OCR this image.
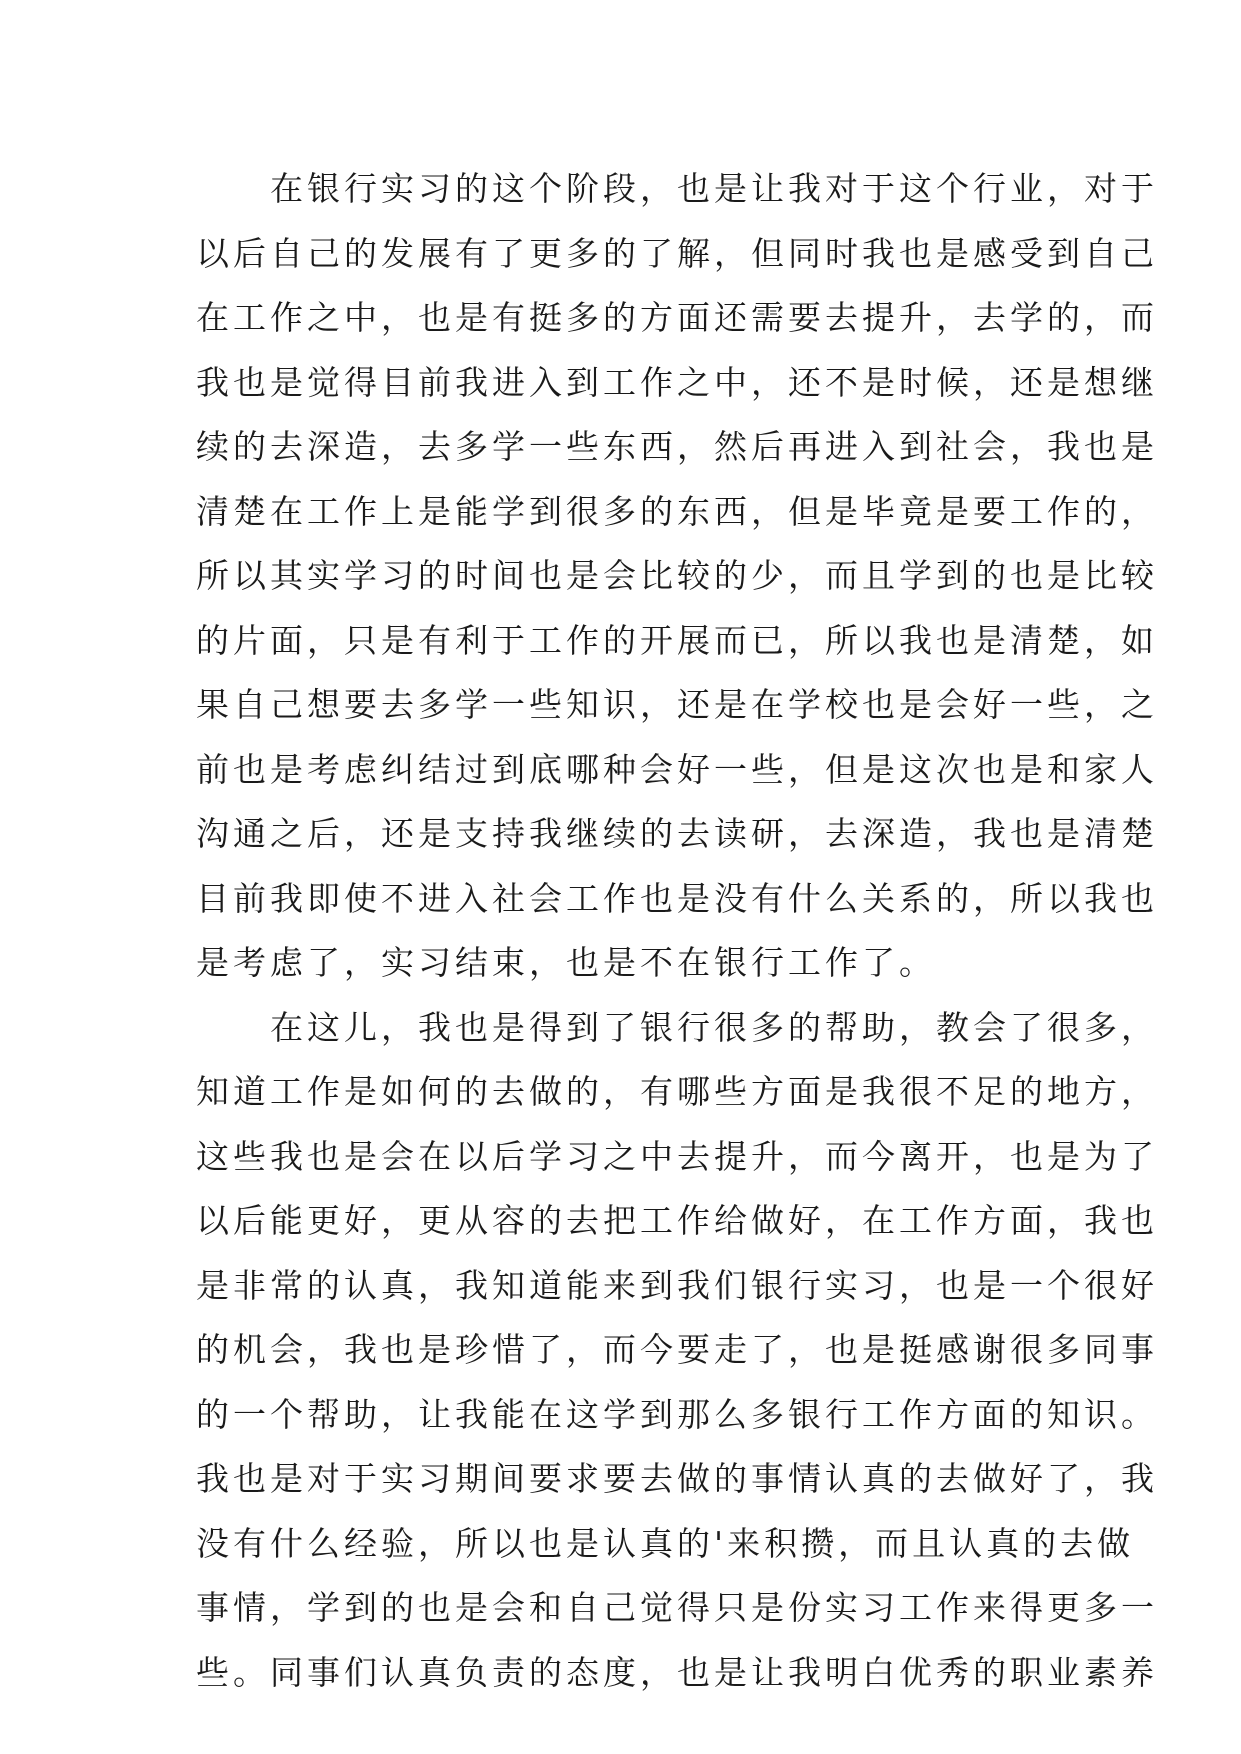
　　在银行实习的这个阶段，也是让我对于这个行业，对于
以后自己的发展有了更多的了解，但同时我也是感受到自己
在工作之中，也是有挺多的方面还需要去提升，去学的，而
我也是觉得目前我进入到工作之中，还不是时候，还是想继
续的去深造，去多学一些东西，然后再进入到社会，我也是
清楚在工作上是能学到很多的东西，但是毕竟是要工作的，
所以其实学习的时间也是会比较的少，而且学到的也是比较
的片面，只是有利于工作的开展而已，所以我也是清楚，如
果自己想要去多学一些知识，还是在学校也是会好一些，之
前也是考虑纠结过到底哪种会好一些，但是这次也是和家人
沟通之后，还是支持我继续的去读研，去深造，我也是清楚
目前我即使不进入社会工作也是没有什么关系的，所以我也
是考虑了，实习结束，也是不在银行工作了。
　　在这儿，我也是得到了银行很多的帮助，教会了很多，
知道工作是如何的去做的，有哪些方面是我很不足的地方，
这些我也是会在以后学习之中去提升，而今离开，也是为了
以后能更好，更从容的去把工作给做好，在工作方面，我也
是非常的认真，我知道能来到我们银行实习，也是一个很好
的机会，我也是珍惜了，而今要走了，也是挺感谢很多同事
的一个帮助，让我能在这学到那么多银行工作方面的知识。
我也是对于实习期间要求要去做的事情认真的去做好了，我
没有什么经验，所以也是认真的'来积攒，而且认真的去做
事情，学到的也是会和自己觉得只是份实习工作来得更多一
些。同事们认真负责的态度，也是让我明白优秀的职业素养
